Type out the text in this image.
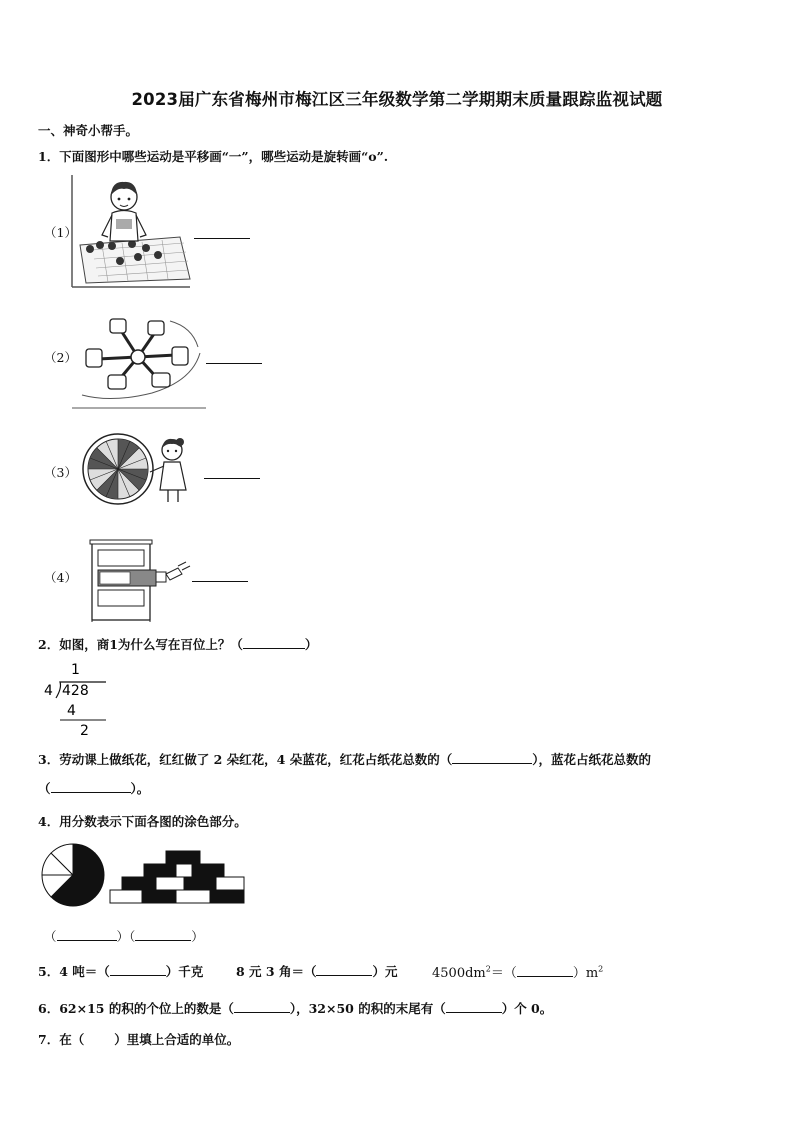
2023届广东省梅州市梅江区三年级数学第二学期期末质量跟踪监视试题
一、神奇小帮手。
1．下面图形中哪些运动是平移画“一”，哪些运动是旋转画“o”.
（1）
（2）
（3）
（4）
2．如图，商1为什么写在百位上？（	）
1
4 428
4
2
3．劳动课上做纸花，红红做了 2 朵红花，4 朵蓝花，红花占纸花总数的（	），蓝花占纸花总数的
（	）。
4．用分数表示下面各图的涂色部分。
（	）（	）
5．4 吨＝（	）千克	8 元 3 角＝（	）元	$4500dm^2=$（	）$m^2$
6．62×15 的积的个位上的数是（	），32×50 的积的末尾有（	）个 0。
7．在（ ）里填上合适的单位。
